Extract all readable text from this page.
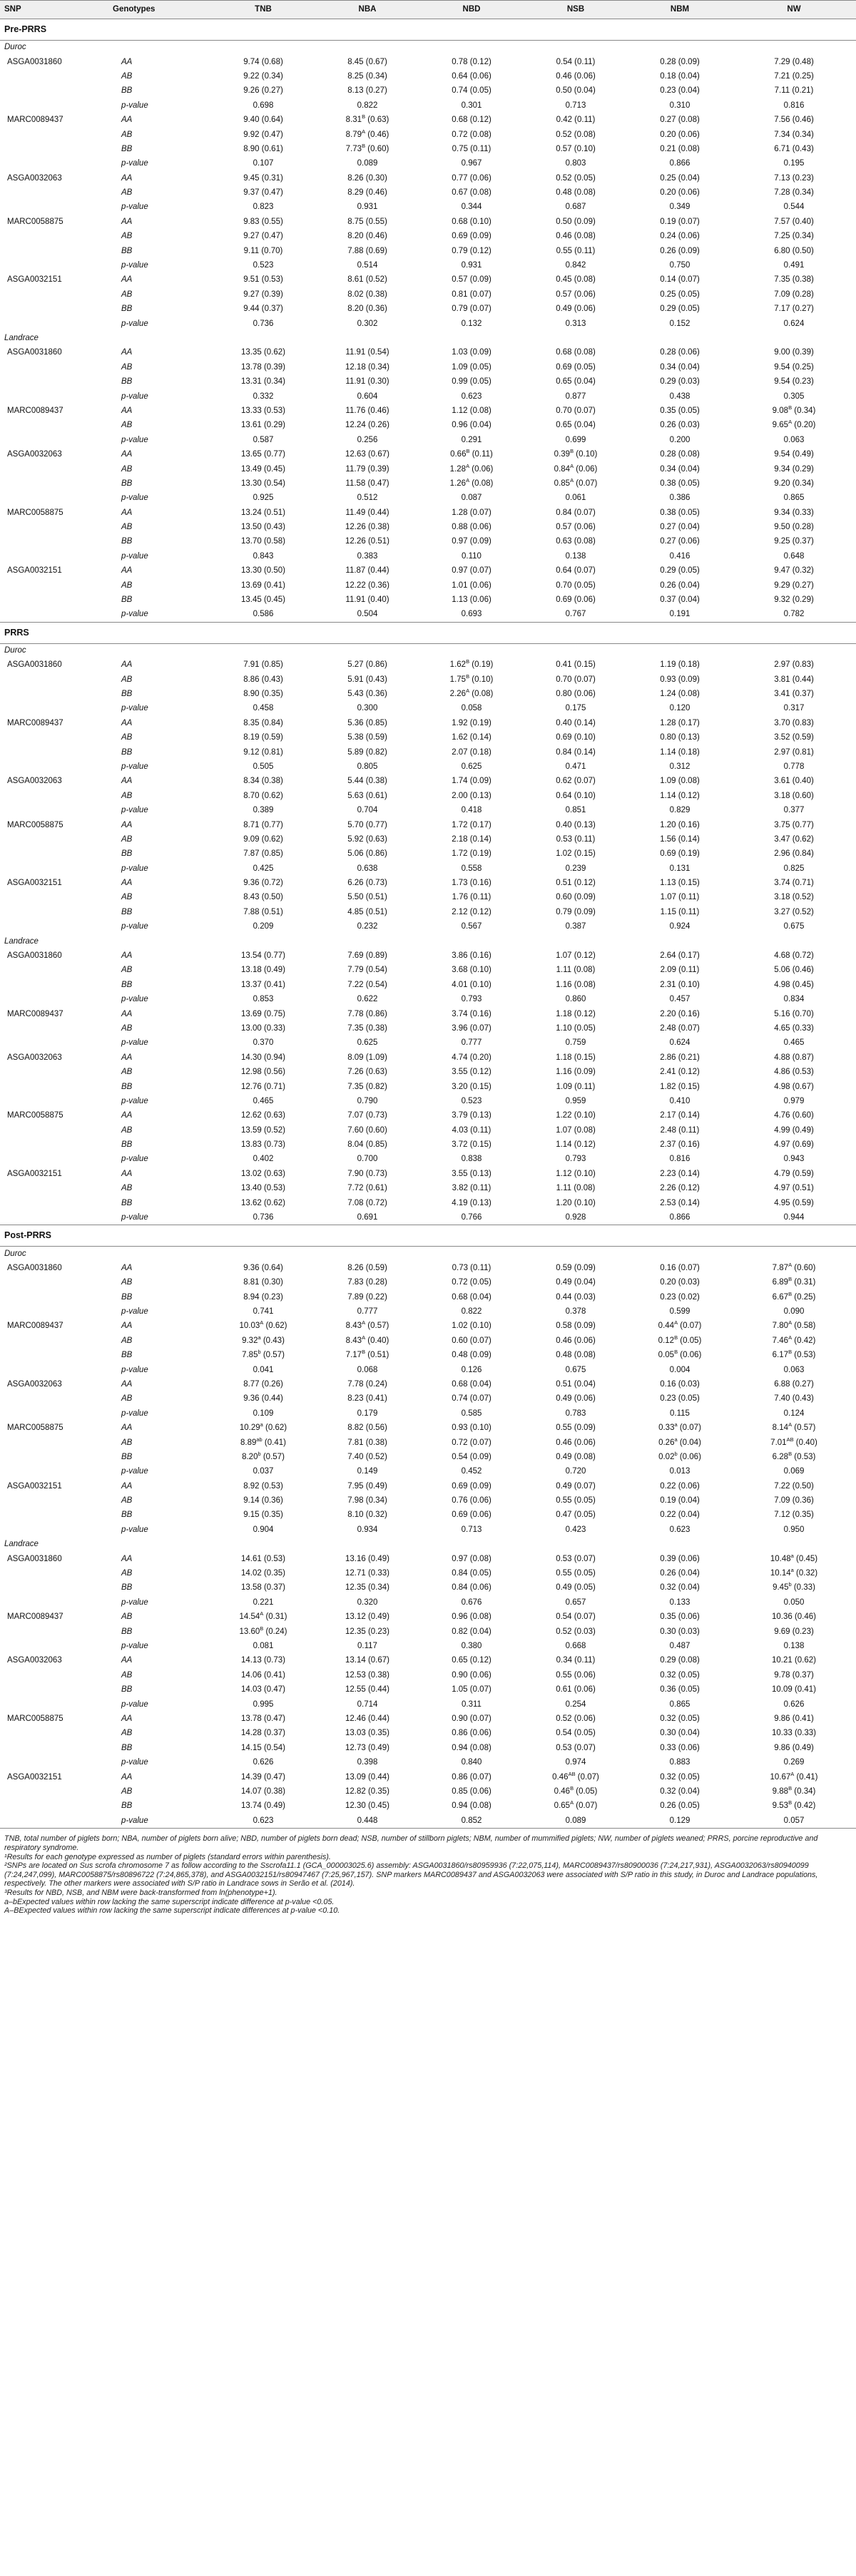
SNP	Genotypes	TNB	NBA	NBD	NSB	NBM	NW
Pre-PRRS							
Duroc							
ASGA0031860	AA	9.74 (0.68)	8.45 (0.67)	0.78 (0.12)	0.54 (0.11)	0.28 (0.09)	7.29 (0.48)
	AB	9.22 (0.34)	8.25 (0.34)	0.64 (0.06)	0.46 (0.06)	0.18 (0.04)	7.21 (0.25)
	BB	9.26 (0.27)	8.13 (0.27)	0.74 (0.05)	0.50 (0.04)	0.23 (0.04)	7.11 (0.21)
	p-value	0.698	0.822	0.301	0.713	0.310	0.816
MARC0089437	AA	9.40 (0.64)	$8.31^B$ (0.63)	0.68 (0.12)	0.42 (0.11)	0.27 (0.08)	7.56 (0.46)
	AB	9.92 (0.47)	$8.79^A$ (0.46)	0.72 (0.08)	0.52 (0.08)	0.20 (0.06)	7.34 (0.34)
	BB	8.90 (0.61)	$7.73^B$ (0.60)	0.75 (0.11)	0.57 (0.10)	0.21 (0.08)	6.71 (0.43)
	p-value	0.107	0.089	0.967	0.803	0.866	0.195
ASGA0032063	AA	9.45 (0.31)	8.26 (0.30)	0.77 (0.06)	0.52 (0.05)	0.25 (0.04)	7.13 (0.23)
	AB	9.37 (0.47)	8.29 (0.46)	0.67 (0.08)	0.48 (0.08)	0.20 (0.06)	7.28 (0.34)
	p-value	0.823	0.931	0.344	0.687	0.349	0.544
MARC0058875	AA	9.83 (0.55)	8.75 (0.55)	0.68 (0.10)	0.50 (0.09)	0.19 (0.07)	7.57 (0.40)
	AB	9.27 (0.47)	8.20 (0.46)	0.69 (0.09)	0.46 (0.08)	0.24 (0.06)	7.25 (0.34)
	BB	9.11 (0.70)	7.88 (0.69)	0.79 (0.12)	0.55 (0.11)	0.26 (0.09)	6.80 (0.50)
	p-value	0.523	0.514	0.931	0.842	0.750	0.491
ASGA0032151	AA	9.51 (0.53)	8.61 (0.52)	0.57 (0.09)	0.45 (0.08)	0.14 (0.07)	7.35 (0.38)
	AB	9.27 (0.39)	8.02 (0.38)	0.81 (0.07)	0.57 (0.06)	0.25 (0.05)	7.09 (0.28)
	BB	9.44 (0.37)	8.20 (0.36)	0.79 (0.07)	0.49 (0.06)	0.29 (0.05)	7.17 (0.27)
	p-value	0.736	0.302	0.132	0.313	0.152	0.624
Landrace							
ASGA0031860	AA	13.35 (0.62)	11.91 (0.54)	1.03 (0.09)	0.68 (0.08)	0.28 (0.06)	9.00 (0.39)
	AB	13.78 (0.39)	12.18 (0.34)	1.09 (0.05)	0.69 (0.05)	0.34 (0.04)	9.54 (0.25)
	BB	13.31 (0.34)	11.91 (0.30)	0.99 (0.05)	0.65 (0.04)	0.29 (0.03)	9.54 (0.23)
	p-value	0.332	0.604	0.623	0.877	0.438	0.305
MARC0089437	AA	13.33 (0.53)	11.76 (0.46)	1.12 (0.08)	0.70 (0.07)	0.35 (0.05)	$9.08^B$ (0.34)
	AB	13.61 (0.29)	12.24 (0.26)	0.96 (0.04)	0.65 (0.04)	0.26 (0.03)	$9.65^A$ (0.20)
	p-value	0.587	0.256	0.291	0.699	0.200	0.063
ASGA0032063	AA	13.65 (0.77)	12.63 (0.67)	$0.66^B$ (0.11)	$0.39^B$ (0.10)	0.28 (0.08)	9.54 (0.49)
	AB	13.49 (0.45)	11.79 (0.39)	$1.28^A$ (0.06)	$0.84^A$ (0.06)	0.34 (0.04)	9.34 (0.29)
	BB	13.30 (0.54)	11.58 (0.47)	$1.26^A$ (0.08)	$0.85^A$ (0.07)	0.38 (0.05)	9.20 (0.34)
	p-value	0.925	0.512	0.087	0.061	0.386	0.865
MARC0058875	AA	13.24 (0.51)	11.49 (0.44)	1.28 (0.07)	0.84 (0.07)	0.38 (0.05)	9.34 (0.33)
	AB	13.50 (0.43)	12.26 (0.38)	0.88 (0.06)	0.57 (0.06)	0.27 (0.04)	9.50 (0.28)
	BB	13.70 (0.58)	12.26 (0.51)	0.97 (0.09)	0.63 (0.08)	0.27 (0.06)	9.25 (0.37)
	p-value	0.843	0.383	0.110	0.138	0.416	0.648
ASGA0032151	AA	13.30 (0.50)	11.87 (0.44)	0.97 (0.07)	0.64 (0.07)	0.29 (0.05)	9.47 (0.32)
	AB	13.69 (0.41)	12.22 (0.36)	1.01 (0.06)	0.70 (0.05)	0.26 (0.04)	9.29 (0.27)
	BB	13.45 (0.45)	11.91 (0.40)	1.13 (0.06)	0.69 (0.06)	0.37 (0.04)	9.32 (0.29)
	p-value	0.586	0.504	0.693	0.767	0.191	0.782
PRRS							
Duroc							
ASGA0031860	AA	7.91 (0.85)	5.27 (0.86)	$1.62^B$ (0.19)	0.41 (0.15)	1.19 (0.18)	2.97 (0.83)
	AB	8.86 (0.43)	5.91 (0.43)	$1.75^B$ (0.10)	0.70 (0.07)	0.93 (0.09)	3.81 (0.44)
	BB	8.90 (0.35)	5.43 (0.36)	$2.26^A$ (0.08)	0.80 (0.06)	1.24 (0.08)	3.41 (0.37)
	p-value	0.458	0.300	0.058	0.175	0.120	0.317
MARC0089437	AA	8.35 (0.84)	5.36 (0.85)	1.92 (0.19)	0.40 (0.14)	1.28 (0.17)	3.70 (0.83)
	AB	8.19 (0.59)	5.38 (0.59)	1.62 (0.14)	0.69 (0.10)	0.80 (0.13)	3.52 (0.59)
	BB	9.12 (0.81)	5.89 (0.82)	2.07 (0.18)	0.84 (0.14)	1.14 (0.18)	2.97 (0.81)
	p-value	0.505	0.805	0.625	0.471	0.312	0.778
ASGA0032063	AA	8.34 (0.38)	5.44 (0.38)	1.74 (0.09)	0.62 (0.07)	1.09 (0.08)	3.61 (0.40)
	AB	8.70 (0.62)	5.63 (0.61)	2.00 (0.13)	0.64 (0.10)	1.14 (0.12)	3.18 (0.60)
	p-value	0.389	0.704	0.418	0.851	0.829	0.377
MARC0058875	AA	8.71 (0.77)	5.70 (0.77)	1.72 (0.17)	0.40 (0.13)	1.20 (0.16)	3.75 (0.77)
	AB	9.09 (0.62)	5.92 (0.63)	2.18 (0.14)	0.53 (0.11)	1.56 (0.14)	3.47 (0.62)
	BB	7.87 (0.85)	5.06 (0.86)	1.72 (0.19)	1.02 (0.15)	0.69 (0.19)	2.96 (0.84)
	p-value	0.425	0.638	0.558	0.239	0.131	0.825
ASGA0032151	AA	9.36 (0.72)	6.26 (0.73)	1.73 (0.16)	0.51 (0.12)	1.13 (0.15)	3.74 (0.71)
	AB	8.43 (0.50)	5.50 (0.51)	1.76 (0.11)	0.60 (0.09)	1.07 (0.11)	3.18 (0.52)
	BB	7.88 (0.51)	4.85 (0.51)	2.12 (0.12)	0.79 (0.09)	1.15 (0.11)	3.27 (0.52)
	p-value	0.209	0.232	0.567	0.387	0.924	0.675
Landrace							
ASGA0031860	AA	13.54 (0.77)	7.69 (0.89)	3.86 (0.16)	1.07 (0.12)	2.64 (0.17)	4.68 (0.72)
	AB	13.18 (0.49)	7.79 (0.54)	3.68 (0.10)	1.11 (0.08)	2.09 (0.11)	5.06 (0.46)
	BB	13.37 (0.41)	7.22 (0.54)	4.01 (0.10)	1.16 (0.08)	2.31 (0.10)	4.98 (0.45)
	p-value	0.853	0.622	0.793	0.860	0.457	0.834
MARC0089437	AA	13.69 (0.75)	7.78 (0.86)	3.74 (0.16)	1.18 (0.12)	2.20 (0.16)	5.16 (0.70)
	AB	13.00 (0.33)	7.35 (0.38)	3.96 (0.07)	1.10 (0.05)	2.48 (0.07)	4.65 (0.33)
	p-value	0.370	0.625	0.777	0.759	0.624	0.465
ASGA0032063	AA	14.30 (0.94)	8.09 (1.09)	4.74 (0.20)	1.18 (0.15)	2.86 (0.21)	4.88 (0.87)
	AB	12.98 (0.56)	7.26 (0.63)	3.55 (0.12)	1.16 (0.09)	2.41 (0.12)	4.86 (0.53)
	BB	12.76 (0.71)	7.35 (0.82)	3.20 (0.15)	1.09 (0.11)	1.82 (0.15)	4.98 (0.67)
	p-value	0.465	0.790	0.523	0.959	0.410	0.979
MARC0058875	AA	12.62 (0.63)	7.07 (0.73)	3.79 (0.13)	1.22 (0.10)	2.17 (0.14)	4.76 (0.60)
	AB	13.59 (0.52)	7.60 (0.60)	4.03 (0.11)	1.07 (0.08)	2.48 (0.11)	4.99 (0.49)
	BB	13.83 (0.73)	8.04 (0.85)	3.72 (0.15)	1.14 (0.12)	2.37 (0.16)	4.97 (0.69)
	p-value	0.402	0.700	0.838	0.793	0.816	0.943
ASGA0032151	AA	13.02 (0.63)	7.90 (0.73)	3.55 (0.13)	1.12 (0.10)	2.23 (0.14)	4.79 (0.59)
	AB	13.40 (0.53)	7.72 (0.61)	3.82 (0.11)	1.11 (0.08)	2.26 (0.12)	4.97 (0.51)
	BB	13.62 (0.62)	7.08 (0.72)	4.19 (0.13)	1.20 (0.10)	2.53 (0.14)	4.95 (0.59)
	p-value	0.736	0.691	0.766	0.928	0.866	0.944
Post-PRRS							
Duroc							
ASGA0031860	AA	9.36 (0.64)	8.26 (0.59)	0.73 (0.11)	0.59 (0.09)	0.16 (0.07)	$7.87^A$ (0.60)
	AB	8.81 (0.30)	7.83 (0.28)	0.72 (0.05)	0.49 (0.04)	0.20 (0.03)	$6.89^B$ (0.31)
	BB	8.94 (0.23)	7.89 (0.22)	0.68 (0.04)	0.44 (0.03)	0.23 (0.02)	$6.67^B$ (0.25)
	p-value	0.741	0.777	0.822	0.378	0.599	0.090
MARC0089437	AA	$10.03^A$ (0.62)	$8.43^A$ (0.57)	1.02 (0.10)	0.58 (0.09)	$0.44^A$ (0.07)	$7.80^A$ (0.58)
	AB	9.32$^a$ (0.43)	$8.43^A$ (0.40)	0.60 (0.07)	0.46 (0.06)	$0.12^B$ (0.05)	$7.46^A$ (0.42)
	BB	7.85$^b$ (0.57)	$7.17^B$ (0.51)	0.48 (0.09)	0.48 (0.08)	$0.05^B$ (0.06)	$6.17^B$ (0.53)
	p-value	0.041	0.068	0.126	0.675	0.004	0.063
ASGA0032063	AA	8.77 (0.26)	7.78 (0.24)	0.68 (0.04)	0.51 (0.04)	0.16 (0.03)	6.88 (0.27)
	AB	9.36 (0.44)	8.23 (0.41)	0.74 (0.07)	0.49 (0.06)	0.23 (0.05)	7.40 (0.43)
	p-value	0.109	0.179	0.585	0.783	0.115	0.124
MARC0058875	AA	10.29$^a$ (0.62)	8.82 (0.56)	0.93 (0.10)	0.55 (0.09)	0.33$^a$ (0.07)	$8.14^A$ (0.57)
	AB	8.89$^{ab}$ (0.41)	7.81 (0.38)	0.72 (0.07)	0.46 (0.06)	0.26$^a$ (0.04)	$7.01^{AB}$ (0.40)
	BB	8.20$^b$ (0.57)	7.40 (0.52)	0.54 (0.09)	0.49 (0.08)	0.02$^b$ (0.06)	$6.28^B$ (0.53)
	p-value	0.037	0.149	0.452	0.720	0.013	0.069
ASGA0032151	AA	8.92 (0.53)	7.95 (0.49)	0.69 (0.09)	0.49 (0.07)	0.22 (0.06)	7.22 (0.50)
	AB	9.14 (0.36)	7.98 (0.34)	0.76 (0.06)	0.55 (0.05)	0.19 (0.04)	7.09 (0.36)
	BB	9.15 (0.35)	8.10 (0.32)	0.69 (0.06)	0.47 (0.05)	0.22 (0.04)	7.12 (0.35)
	p-value	0.904	0.934	0.713	0.423	0.623	0.950
Landrace							
ASGA0031860	AA	14.61 (0.53)	13.16 (0.49)	0.97 (0.08)	0.53 (0.07)	0.39 (0.06)	10.48$^a$ (0.45)
	AB	14.02 (0.35)	12.71 (0.33)	0.84 (0.05)	0.55 (0.05)	0.26 (0.04)	10.14$^a$ (0.32)
	BB	13.58 (0.37)	12.35 (0.34)	0.84 (0.06)	0.49 (0.05)	0.32 (0.04)	9.45$^b$ (0.33)
	p-value	0.221	0.320	0.676	0.657	0.133	0.050
MARC0089437	AB	$14.54^A$ (0.31)	13.12 (0.49)	0.96 (0.08)	0.54 (0.07)	0.35 (0.06)	10.36 (0.46)
	BB	$13.60^B$ (0.24)	12.35 (0.23)	0.82 (0.04)	0.52 (0.03)	0.30 (0.03)	9.69 (0.23)
	p-value	0.081	0.117	0.380	0.668	0.487	0.138
ASGA0032063	AA	14.13 (0.73)	13.14 (0.67)	0.65 (0.12)	0.34 (0.11)	0.29 (0.08)	10.21 (0.62)
	AB	14.06 (0.41)	12.53 (0.38)	0.90 (0.06)	0.55 (0.06)	0.32 (0.05)	9.78 (0.37)
	BB	14.03 (0.47)	12.55 (0.44)	1.05 (0.07)	0.61 (0.06)	0.36 (0.05)	10.09 (0.41)
	p-value	0.995	0.714	0.311	0.254	0.865	0.626
MARC0058875	AA	13.78 (0.47)	12.46 (0.44)	0.90 (0.07)	0.52 (0.06)	0.32 (0.05)	9.86 (0.41)
	AB	14.28 (0.37)	13.03 (0.35)	0.86 (0.06)	0.54 (0.05)	0.30 (0.04)	10.33 (0.33)
	BB	14.15 (0.54)	12.73 (0.49)	0.94 (0.08)	0.53 (0.07)	0.33 (0.06)	9.86 (0.49)
	p-value	0.626	0.398	0.840	0.974	0.883	0.269
ASGA0032151	AA	14.39 (0.47)	13.09 (0.44)	0.86 (0.07)	$0.46^{AB}$ (0.07)	0.32 (0.05)	$10.67^A$ (0.41)
	AB	14.07 (0.38)	12.82 (0.35)	0.85 (0.06)	$0.46^B$ (0.05)	0.32 (0.04)	$9.88^B$ (0.34)
	BB	13.74 (0.49)	12.30 (0.45)	0.94 (0.08)	$0.65^A$ (0.07)	0.26 (0.05)	$9.53^B$ (0.42)
	p-value	0.623	0.448	0.852	0.089	0.129	0.057
TNB, total number of piglets born; NBA, number of piglets born alive; NBD, number of piglets born dead; NSB, number of stillborn piglets; NBM, number of mummified piglets; NW, number of piglets weaned; PRRS, porcine reproductive and respiratory syndrome.
¹Results for each genotype expressed as number of piglets (standard errors within parenthesis).
²SNPs are located on Sus scrofa chromosome 7 as follow according to the Sscrofa11.1 (GCA_000003025.6) assembly: ASGA0031860/rs80959936 (7:22,075,114), MARC0089437/rs80900036 (7:24,217,931), ASGA0032063/rs80940099 (7:24,247,099), MARC0058875/rs80896722 (7:24,865,378), and ASGA0032151/rs80947467 (7:25,967,157). SNP markers MARC0089437 and ASGA0032063 were associated with S/P ratio in this study, in Duroc and Landrace populations, respectively. The other markers were associated with S/P ratio in Landrace sows in Serão et al. (2014).
³Results for NBD, NSB, and NBM were back-transformed from ln(phenotype+1).
a–bExpected values within row lacking the same superscript indicate difference at p-value <0.05.
A–BExpected values within row lacking the same superscript indicate differences at p-value <0.10.
